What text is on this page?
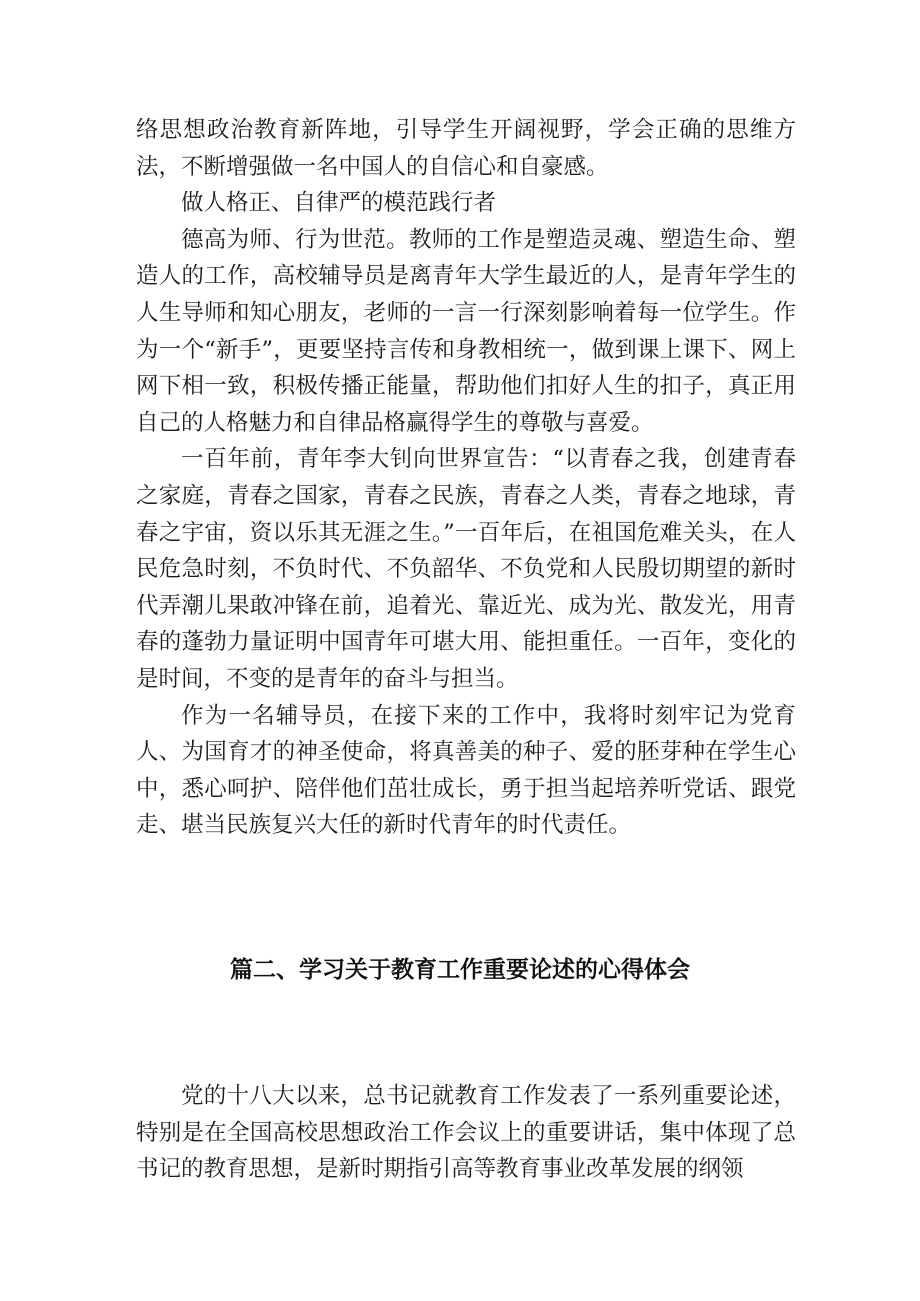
络思想政治教育新阵地，引导学生开阔视野，学会正确的思维方法，不断增强做一名中国人的自信心和自豪感。

做人格正、自律严的模范践行者

德高为师、行为世范。教师的工作是塑造灵魂、塑造生命、塑造人的工作，高校辅导员是离青年大学生最近的人，是青年学生的人生导师和知心朋友，老师的一言一行深刻影响着每一位学生。作为一个“新手”，更要坚持言传和身教相统一，做到课上课下、网上网下相一致，积极传播正能量，帮助他们扣好人生的扣子，真正用自己的人格魅力和自律品格赢得学生的尊敬与喜爱。

一百年前，青年李大钊向世界宣告：“以青春之我，创建青春之家庭，青春之国家，青春之民族，青春之人类，青春之地球，青春之宇宙，资以乐其无涯之生。”一百年后，在祖国危难关头，在人民危急时刻，不负时代、不负韶华、不负党和人民殷切期望的新时代弄潮儿果敢冲锋在前，追着光、靠近光、成为光、散发光，用青春的蓬勃力量证明中国青年可堪大用、能担重任。一百年，变化的是时间，不变的是青年的奋斗与担当。

作为一名辅导员，在接下来的工作中，我将时刻牢记为党育人、为国育才的神圣使命，将真善美的种子、爱的胚芽种在学生心中，悉心呵护、陪伴他们茁壮成长，勇于担当起培养听党话、跟党走、堪当民族复兴大任的新时代青年的时代责任。

篇二、学习关于教育工作重要论述的心得体会

党的十八大以来，总书记就教育工作发表了一系列重要论述，特别是在全国高校思想政治工作会议上的重要讲话，集中体现了总书记的教育思想，是新时期指引高等教育事业改革发展的纲领
